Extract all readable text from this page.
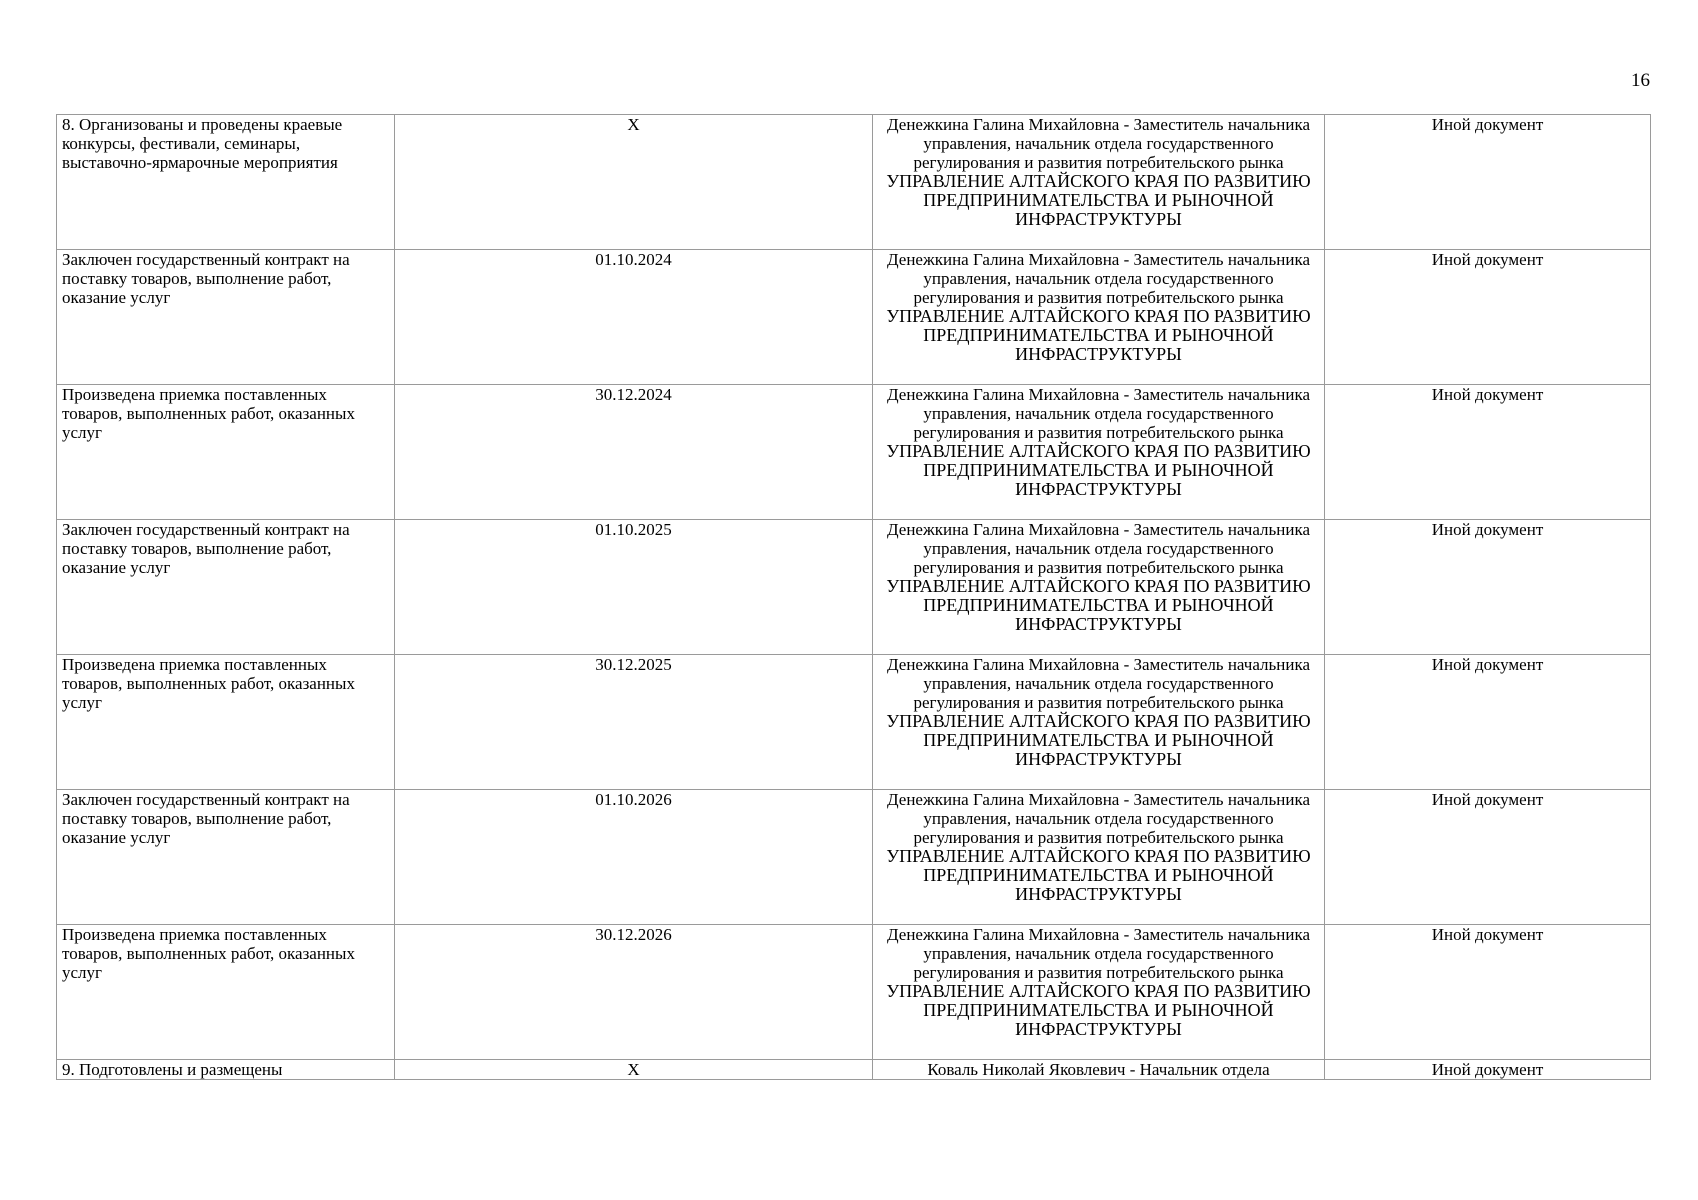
16
8. Организованы и проведены краевые конкурсы, фестивали, семинары, выставочно-ярмарочные мероприятия	X	Денежкина Галина Михайловна - Заместитель начальника управления, начальник отдела государственного регулирования и развития потребительского рынка
УПРАВЛЕНИЕ АЛТАЙСКОГО КРАЯ ПО РАЗВИТИЮ ПРЕДПРИНИМАТЕЛЬСТВА И РЫНОЧНОЙ ИНФРАСТРУКТУРЫ	Иной документ
Заключен государственный контракт на поставку товаров, выполнение работ, оказание услуг	01.10.2024	Денежкина Галина Михайловна - Заместитель начальника управления, начальник отдела государственного регулирования и развития потребительского рынка
УПРАВЛЕНИЕ АЛТАЙСКОГО КРАЯ ПО РАЗВИТИЮ ПРЕДПРИНИМАТЕЛЬСТВА И РЫНОЧНОЙ ИНФРАСТРУКТУРЫ	Иной документ
Произведена приемка поставленных товаров, выполненных работ, оказанных услуг	30.12.2024	Денежкина Галина Михайловна - Заместитель начальника управления, начальник отдела государственного регулирования и развития потребительского рынка
УПРАВЛЕНИЕ АЛТАЙСКОГО КРАЯ ПО РАЗВИТИЮ ПРЕДПРИНИМАТЕЛЬСТВА И РЫНОЧНОЙ ИНФРАСТРУКТУРЫ	Иной документ
Заключен государственный контракт на поставку товаров, выполнение работ, оказание услуг	01.10.2025	Денежкина Галина Михайловна - Заместитель начальника управления, начальник отдела государственного регулирования и развития потребительского рынка
УПРАВЛЕНИЕ АЛТАЙСКОГО КРАЯ ПО РАЗВИТИЮ ПРЕДПРИНИМАТЕЛЬСТВА И РЫНОЧНОЙ ИНФРАСТРУКТУРЫ	Иной документ
Произведена приемка поставленных товаров, выполненных работ, оказанных услуг	30.12.2025	Денежкина Галина Михайловна - Заместитель начальника управления, начальник отдела государственного регулирования и развития потребительского рынка
УПРАВЛЕНИЕ АЛТАЙСКОГО КРАЯ ПО РАЗВИТИЮ ПРЕДПРИНИМАТЕЛЬСТВА И РЫНОЧНОЙ ИНФРАСТРУКТУРЫ	Иной документ
Заключен государственный контракт на поставку товаров, выполнение работ, оказание услуг	01.10.2026	Денежкина Галина Михайловна - Заместитель начальника управления, начальник отдела государственного регулирования и развития потребительского рынка
УПРАВЛЕНИЕ АЛТАЙСКОГО КРАЯ ПО РАЗВИТИЮ ПРЕДПРИНИМАТЕЛЬСТВА И РЫНОЧНОЙ ИНФРАСТРУКТУРЫ	Иной документ
Произведена приемка поставленных товаров, выполненных работ, оказанных услуг	30.12.2026	Денежкина Галина Михайловна - Заместитель начальника управления, начальник отдела государственного регулирования и развития потребительского рынка
УПРАВЛЕНИЕ АЛТАЙСКОГО КРАЯ ПО РАЗВИТИЮ ПРЕДПРИНИМАТЕЛЬСТВА И РЫНОЧНОЙ ИНФРАСТРУКТУРЫ	Иной документ
9. Подготовлены и размещены	X	Коваль Николай Яковлевич - Начальник отдела	Иной документ
